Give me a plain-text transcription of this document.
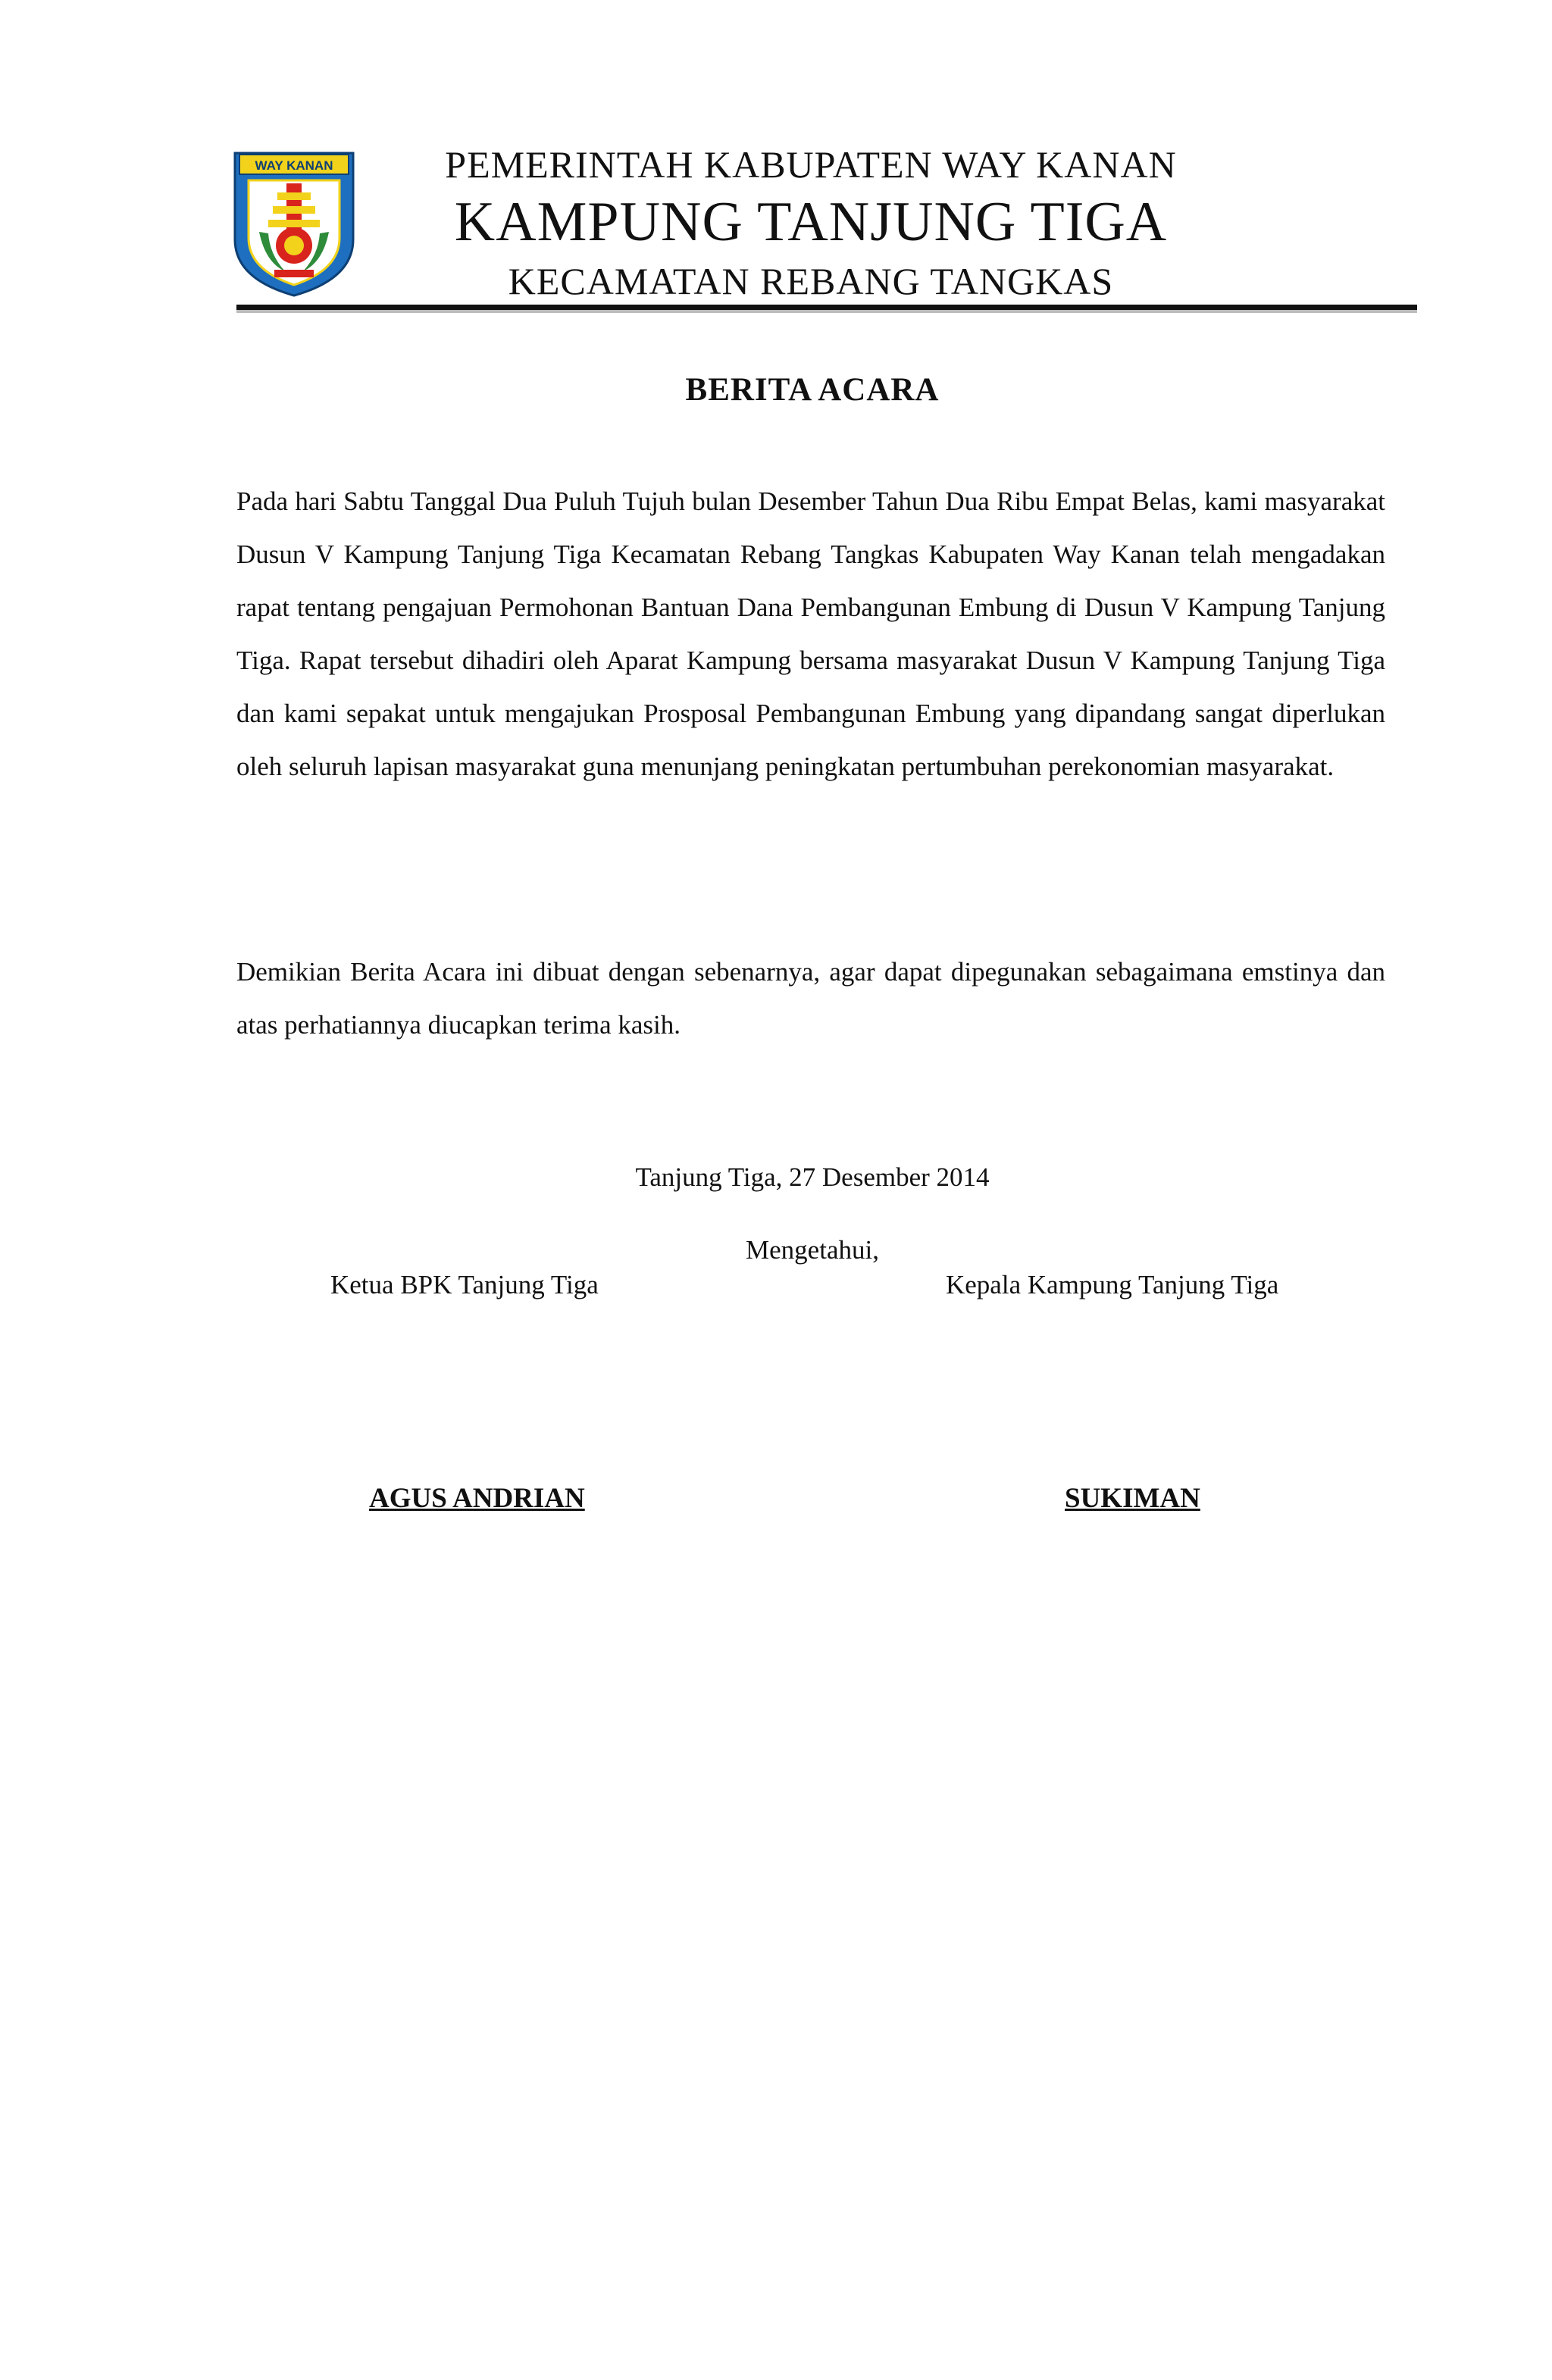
WAY KANAN	PEMERINTAH KABUPATEN WAY KANAN
KAMPUNG TANJUNG TIGA
KECAMATAN REBANG TANGKAS
BERITA ACARA

Pada hari Sabtu Tanggal Dua Puluh Tujuh bulan Desember Tahun Dua Ribu Empat Belas, kami masyarakat Dusun V Kampung Tanjung Tiga Kecamatan Rebang Tangkas Kabupaten Way Kanan telah mengadakan rapat tentang pengajuan Permohonan Bantuan Dana Pembangunan Embung di Dusun V Kampung Tanjung Tiga. Rapat tersebut dihadiri oleh Aparat Kampung bersama masyarakat Dusun V Kampung Tanjung Tiga dan kami sepakat untuk mengajukan Prosposal Pembangunan Embung yang dipandang sangat diperlukan oleh seluruh lapisan masyarakat guna menunjang peningkatan pertumbuhan perekonomian masyarakat.

Demikian Berita Acara ini dibuat dengan sebenarnya, agar dapat dipegunakan sebagaimana emstinya dan atas perhatiannya diucapkan terima kasih.

Tanjung Tiga, 27 Desember 2014
Mengetahui,
Ketua BPK Tanjung Tiga	Kepala Kampung Tanjung Tiga
AGUS ANDRIAN	SUKIMAN
